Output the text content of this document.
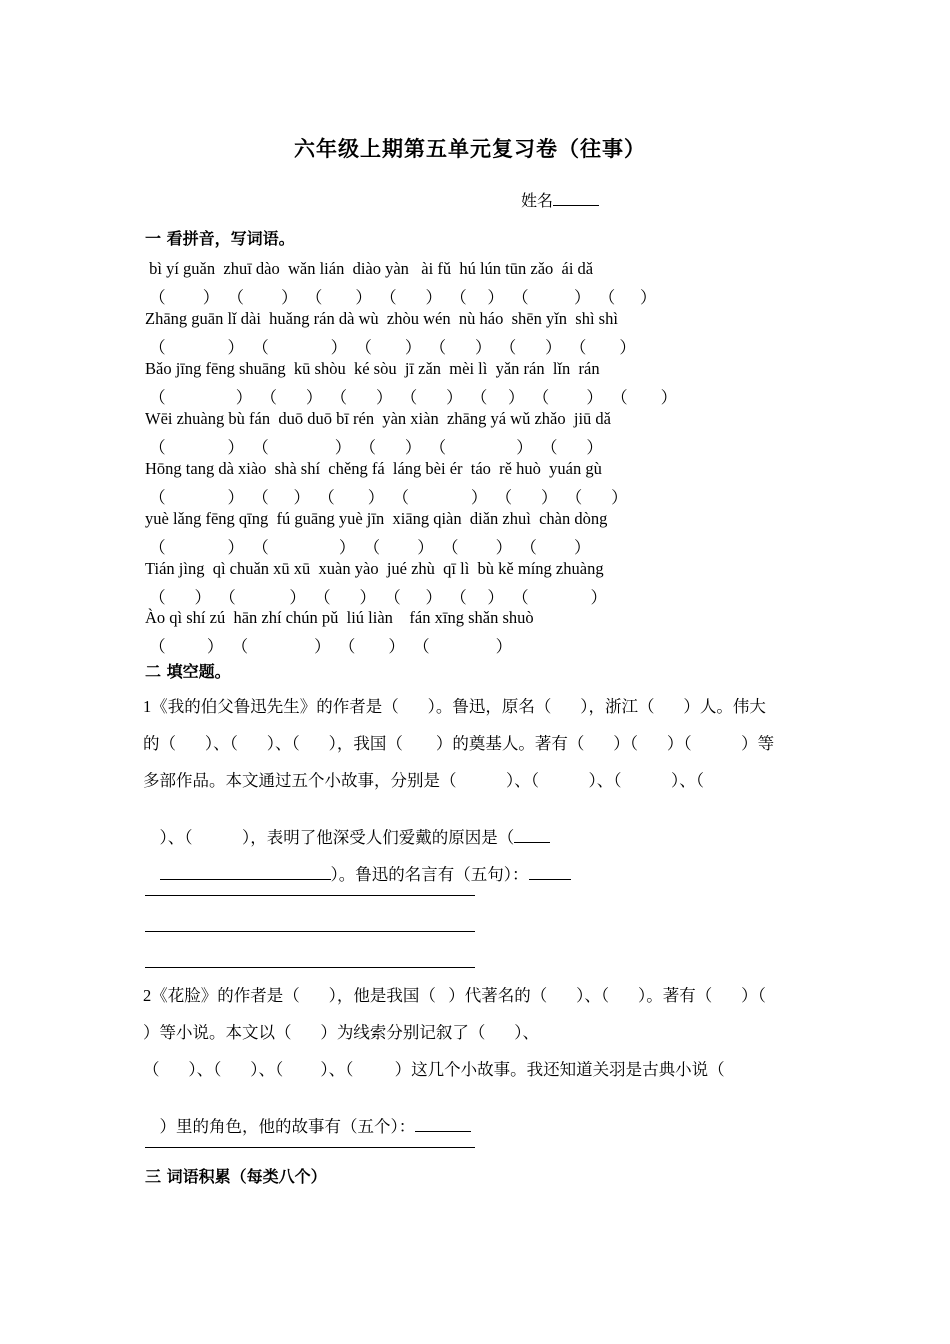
六年级上期第五单元复习卷（往事）
姓名
一 看拼音，写词语。
bì yí guǎn  zhuī dào  wǎn lián  diào yàn   ài fǔ  hú lún tūn zǎo  ái dǎ
（         ）  （         ）  （        ）  （       ）  （     ）  （           ）  （      ）
Zhāng guān lǐ dài  huǎng rán dà wù  zhòu wén  nù háo  shēn yǐn  shì shì
（               ）  （               ）  （        ）  （       ）  （       ）  （        ）
Bǎo jīng fēng shuāng  kū shòu  ké sòu  jī zǎn  mèi lì  yǎn rán  lǐn  rán
（                 ）  （       ）  （       ）  （       ）  （     ）  （         ）  （        ）
Wēi zhuàng bù fán  duō duō bī rén  yàn xiàn  zhāng yá wǔ zhǎo  jiū dǎ
（               ）  （                ）  （       ）  （                 ）  （       ）
Hōng tang dà xiào  shà shí  chěng fá  láng bèi ér  táo  rě huò  yuán gù
（               ）  （      ）  （        ）  （               ）  （       ）  （       ）
yuè lǎng fēng qīng  fú guāng yuè jīn  xiāng qiàn  diǎn zhuì  chàn dòng
（               ）  （                 ）  （         ）  （         ）  （         ）
Tián jìng  qì chuǎn xū xū  xuàn yào  jué zhù  qī lì  bù kě míng zhuàng
（       ）  （             ）  （       ）  （      ）  （     ）  （               ）
Ào qì shí zú  hān zhí chún pǔ  liú liàn    fán xīng shǎn shuò
（          ）  （                ）  （        ）  （                ）
二 填空题。
1《我的伯父鲁迅先生》的作者是（       ）。鲁迅，原名（       ），浙江（       ）人。伟大
的（       ）、（       ）、（       ），我国（        ）的奠基人。著有（       ）（       ）（            ）等
多部作品。本文通过五个小故事，分别是（            ）、（            ）、（            ）、（

）、（            ），表明了他深受人们爱戴的原因是（

）。鲁迅的名言有（五句）：

2《花脸》的作者是（       ），他是我国（   ）代著名的（       ）、（       ）。著有（       ）（
）等小说。本文以（       ）为线索分别记叙了（       ）、
（       ）、（       ）、（         ）、（          ）这几个小故事。我还知道关羽是古典小说（

）里的角色，他的故事有（五个）：

三 词语积累（每类八个）
